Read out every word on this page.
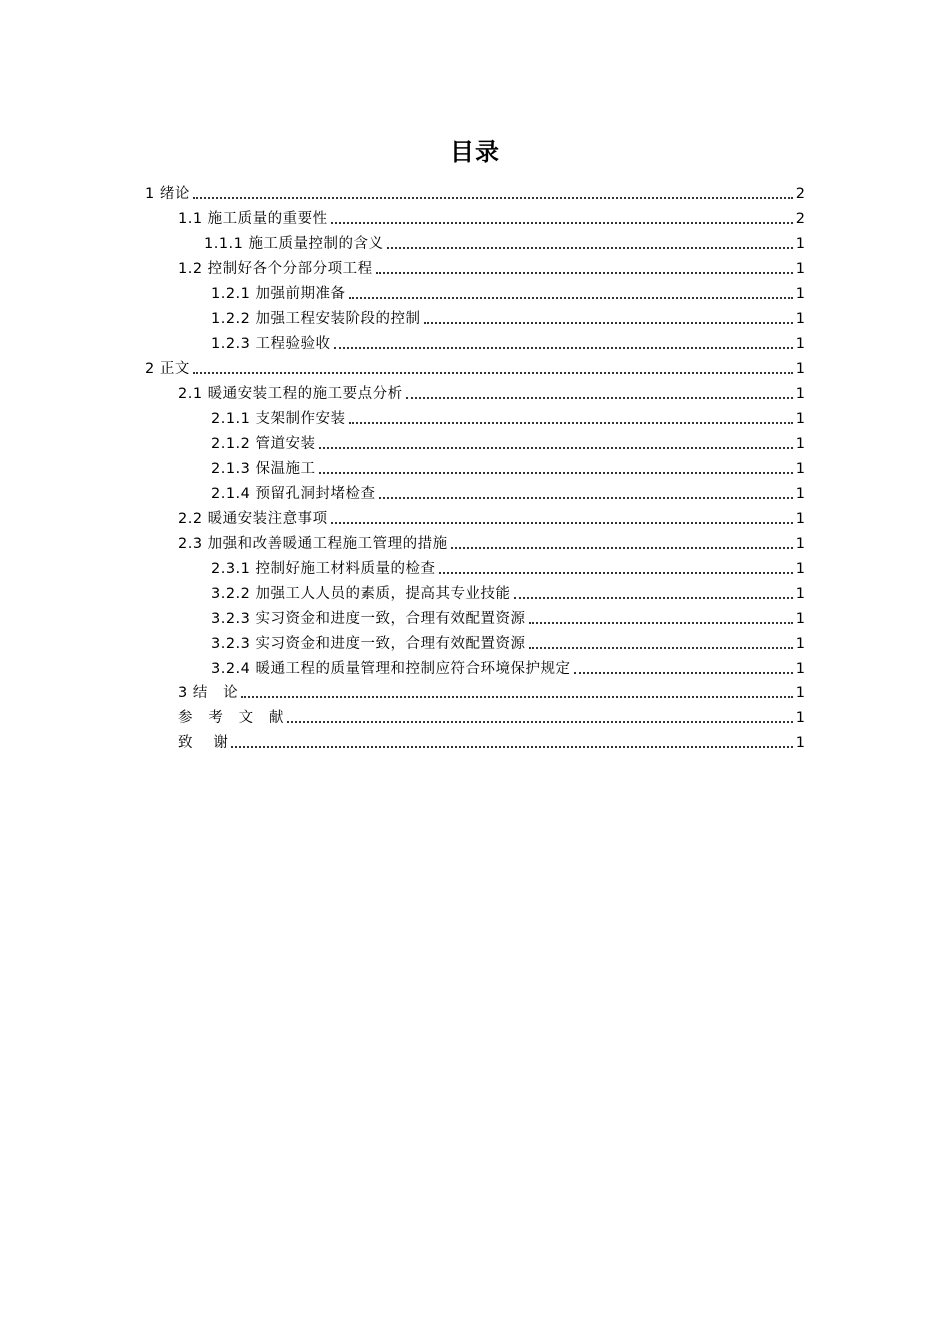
目录
1 绪论	2
1.1 施工质量的重要性	2
1.1.1 施工质量控制的含义	1
1.2 控制好各个分部分项工程	1
1.2.1 加强前期准备	1
1.2.2 加强工程安装阶段的控制	1
1.2.3 工程验验收	1
2 正文	1
2.1 暖通安装工程的施工要点分析	1
2.1.1 支架制作安装	1
2.1.2 管道安装	1
2.1.3 保温施工	1
2.1.4 预留孔洞封堵检查	1
2.2 暖通安装注意事项	1
2.3 加强和改善暖通工程施工管理的措施	1
2.3.1 控制好施工材料质量的检查	1
3.2.2 加强工人人员的素质，提高其专业技能	1
3.2.3 实习资金和进度一致，合理有效配置资源	1
3.2.3 实习资金和进度一致，合理有效配置资源	1
3.2.4 暖通工程的质量管理和控制应符合环境保护规定	1
3 结   论	1
参   考   文   献	1
致    谢	1
